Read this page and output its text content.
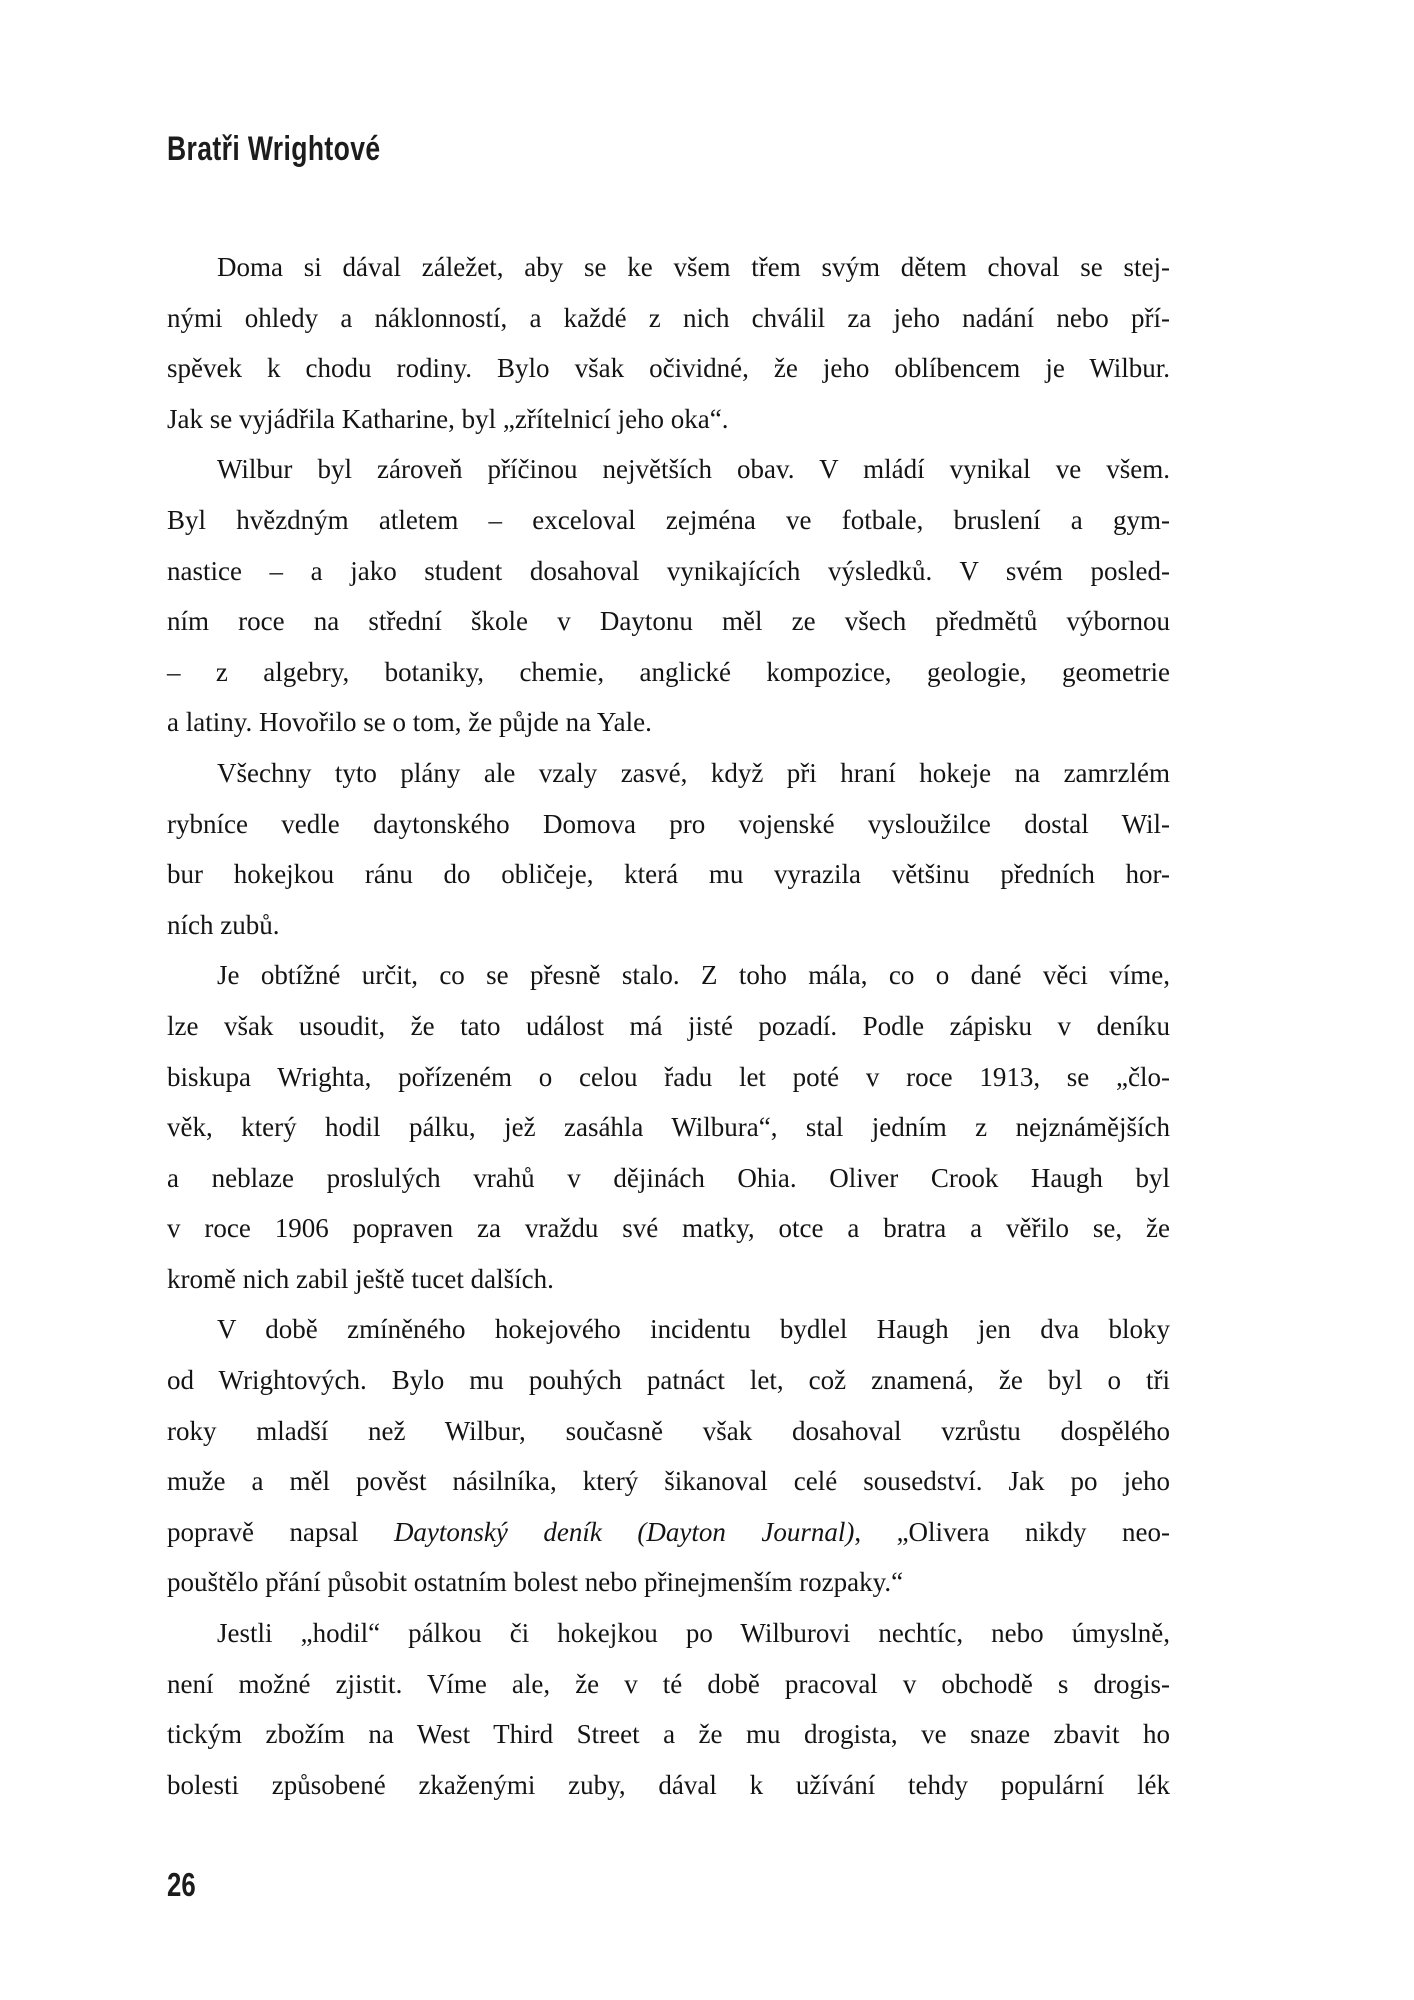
Bratři Wrightové
Doma si dával záležet, aby se ke všem třem svým dětem choval se stej-
nými ohledy a náklonností, a každé z nich chválil za jeho nadání nebo pří-
spěvek k chodu rodiny. Bylo však očividné, že jeho oblíbencem je Wilbur.
Jak se vyjádřila Katharine, byl „zřítelnicí jeho oka“.
Wilbur byl zároveň příčinou největších obav. V mládí vynikal ve všem.
Byl hvězdným atletem – exceloval zejména ve fotbale, bruslení a gym-
nastice – a jako student dosahoval vynikajících výsledků. V svém posled-
ním roce na střední škole v Daytonu měl ze všech předmětů výbornou
– z algebry, botaniky, chemie, anglické kompozice, geologie, geometrie
a latiny. Hovořilo se o tom, že půjde na Yale.
Všechny tyto plány ale vzaly zasvé, když při hraní hokeje na zamrzlém
rybníce vedle daytonského Domova pro vojenské vysloužilce dostal Wil-
bur hokejkou ránu do obličeje, která mu vyrazila většinu předních hor-
ních zubů.
Je obtížné určit, co se přesně stalo. Z toho mála, co o dané věci víme,
lze však usoudit, že tato událost má jisté pozadí. Podle zápisku v deníku
biskupa Wrighta, pořízeném o celou řadu let poté v roce 1913, se „člo-
věk, který hodil pálku, jež zasáhla Wilbura“, stal jedním z nejznámějších
a neblaze proslulých vrahů v dějinách Ohia. Oliver Crook Haugh byl
v roce 1906 popraven za vraždu své matky, otce a bratra a věřilo se, že
kromě nich zabil ještě tucet dalších.
V době zmíněného hokejového incidentu bydlel Haugh jen dva bloky
od Wrightových. Bylo mu pouhých patnáct let, což znamená, že byl o tři
roky mladší než Wilbur, současně však dosahoval vzrůstu dospělého
muže a měl pověst násilníka, který šikanoval celé sousedství. Jak po jeho
popravě napsal Daytonský deník (Dayton Journal), „Olivera nikdy neo-
pouštělo přání působit ostatním bolest nebo přinejmenším rozpaky.“
Jestli „hodil“ pálkou či hokejkou po Wilburovi nechtíc, nebo úmyslně,
není možné zjistit. Víme ale, že v té době pracoval v obchodě s drogis-
tickým zbožím na West Third Street a že mu drogista, ve snaze zbavit ho
bolesti způsobené zkaženými zuby, dával k užívání tehdy populární lék
26
